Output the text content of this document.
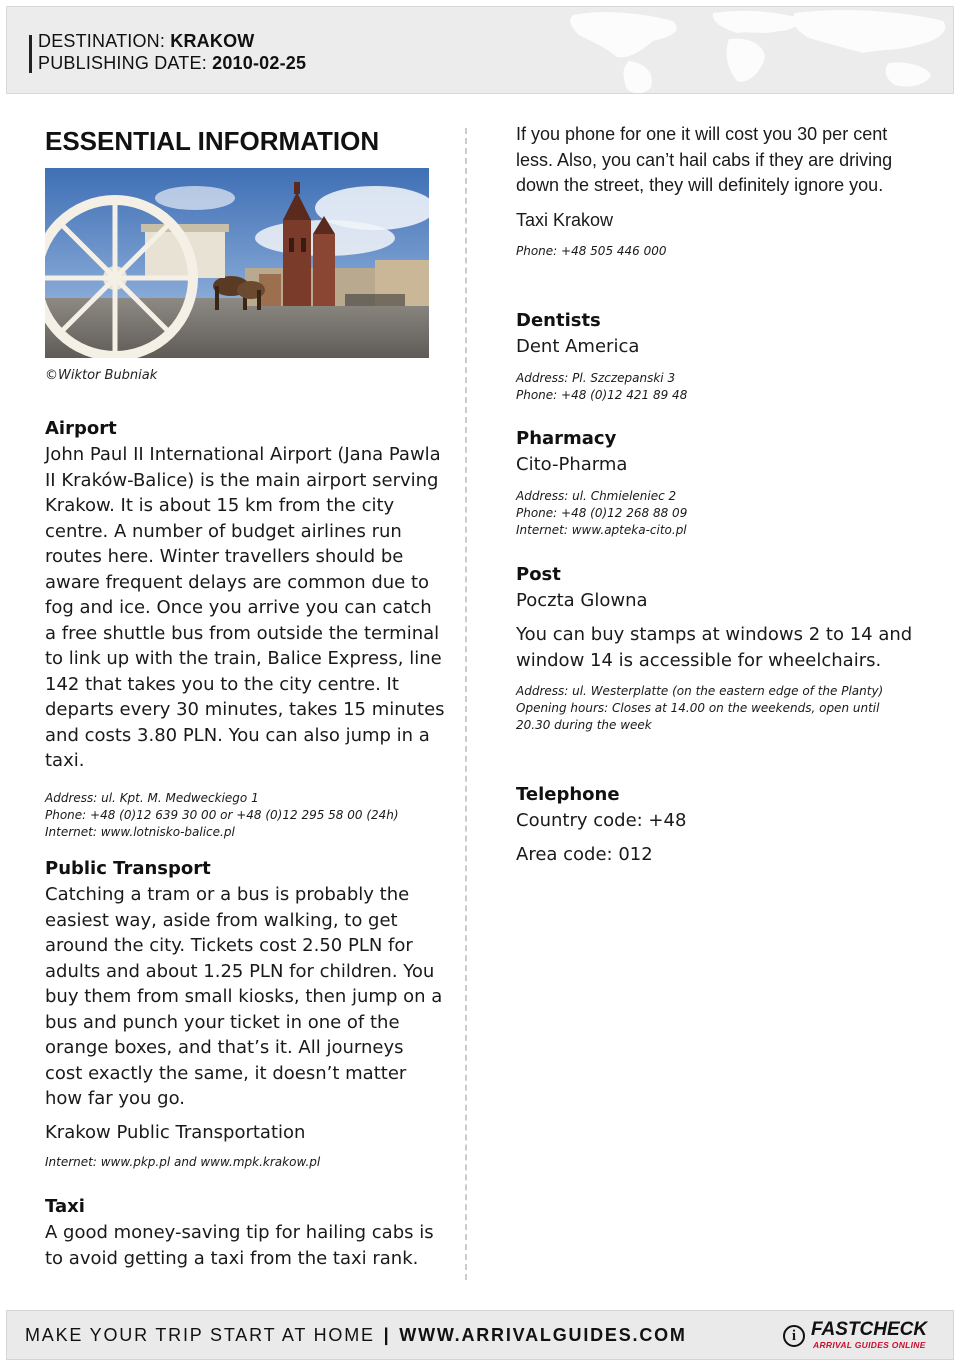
DESTINATION: KRAKOW
PUBLISHING DATE: 2010-02-25
ESSENTIAL INFORMATION
©Wiktor Bubniak
Airport
John Paul II International Airport (Jana Pawla II Kraków-Balice) is the main airport serving Krakow. It is about 15 km from the city centre. A number of budget airlines run routes here. Winter travellers should be aware frequent delays are common due to fog and ice. Once you arrive you can catch a free shuttle bus from outside the terminal to link up with the train, Balice Express, line 142 that takes you to the city centre. It departs every 30 minutes, takes 15 minutes and costs 3.80 PLN. You can also jump in a taxi.
Address: ul. Kpt. M. Medweckiego 1
Phone: +48 (0)12 639 30 00 or +48 (0)12 295 58 00 (24h)
Internet: www.lotnisko-balice.pl
Public Transport
Catching a tram or a bus is probably the easiest way, aside from walking, to get around the city. Tickets cost 2.50 PLN for adults and about 1.25 PLN for children. You buy them from small kiosks, then jump on a bus and punch your ticket in one of the orange boxes, and that’s it. All journeys cost exactly the same, it doesn’t matter how far you go.
Krakow Public Transportation
Internet: www.pkp.pl and www.mpk.krakow.pl
Taxi
A good money-saving tip for hailing cabs is to avoid getting a taxi from the taxi rank.
If you phone for one it will cost you 30 per cent less. Also, you can’t hail cabs if they are driving down the street, they will definitely ignore you.
Taxi Krakow
Phone: +48 505 446 000
Dentists
Dent America
Address: Pl. Szczepanski 3
Phone: +48 (0)12 421 89 48
Pharmacy
Cito-Pharma
Address: ul. Chmieleniec 2
Phone: +48 (0)12 268 88 09
Internet: www.apteka-cito.pl
Post
Poczta Glowna
You can buy stamps at windows 2 to 14 and window 14 is accessible for wheelchairs.
Address: ul. Westerplatte (on the eastern edge of the Planty)
Opening hours: Closes at 14.00 on the weekends, open until 20.30 during the week
Telephone
Country code: +48
Area code: 012
MAKE YOUR TRIP START AT HOME | WWW.ARRIVALGUIDES.COM	i FASTCHECK
ARRIVAL GUIDES ONLINE
